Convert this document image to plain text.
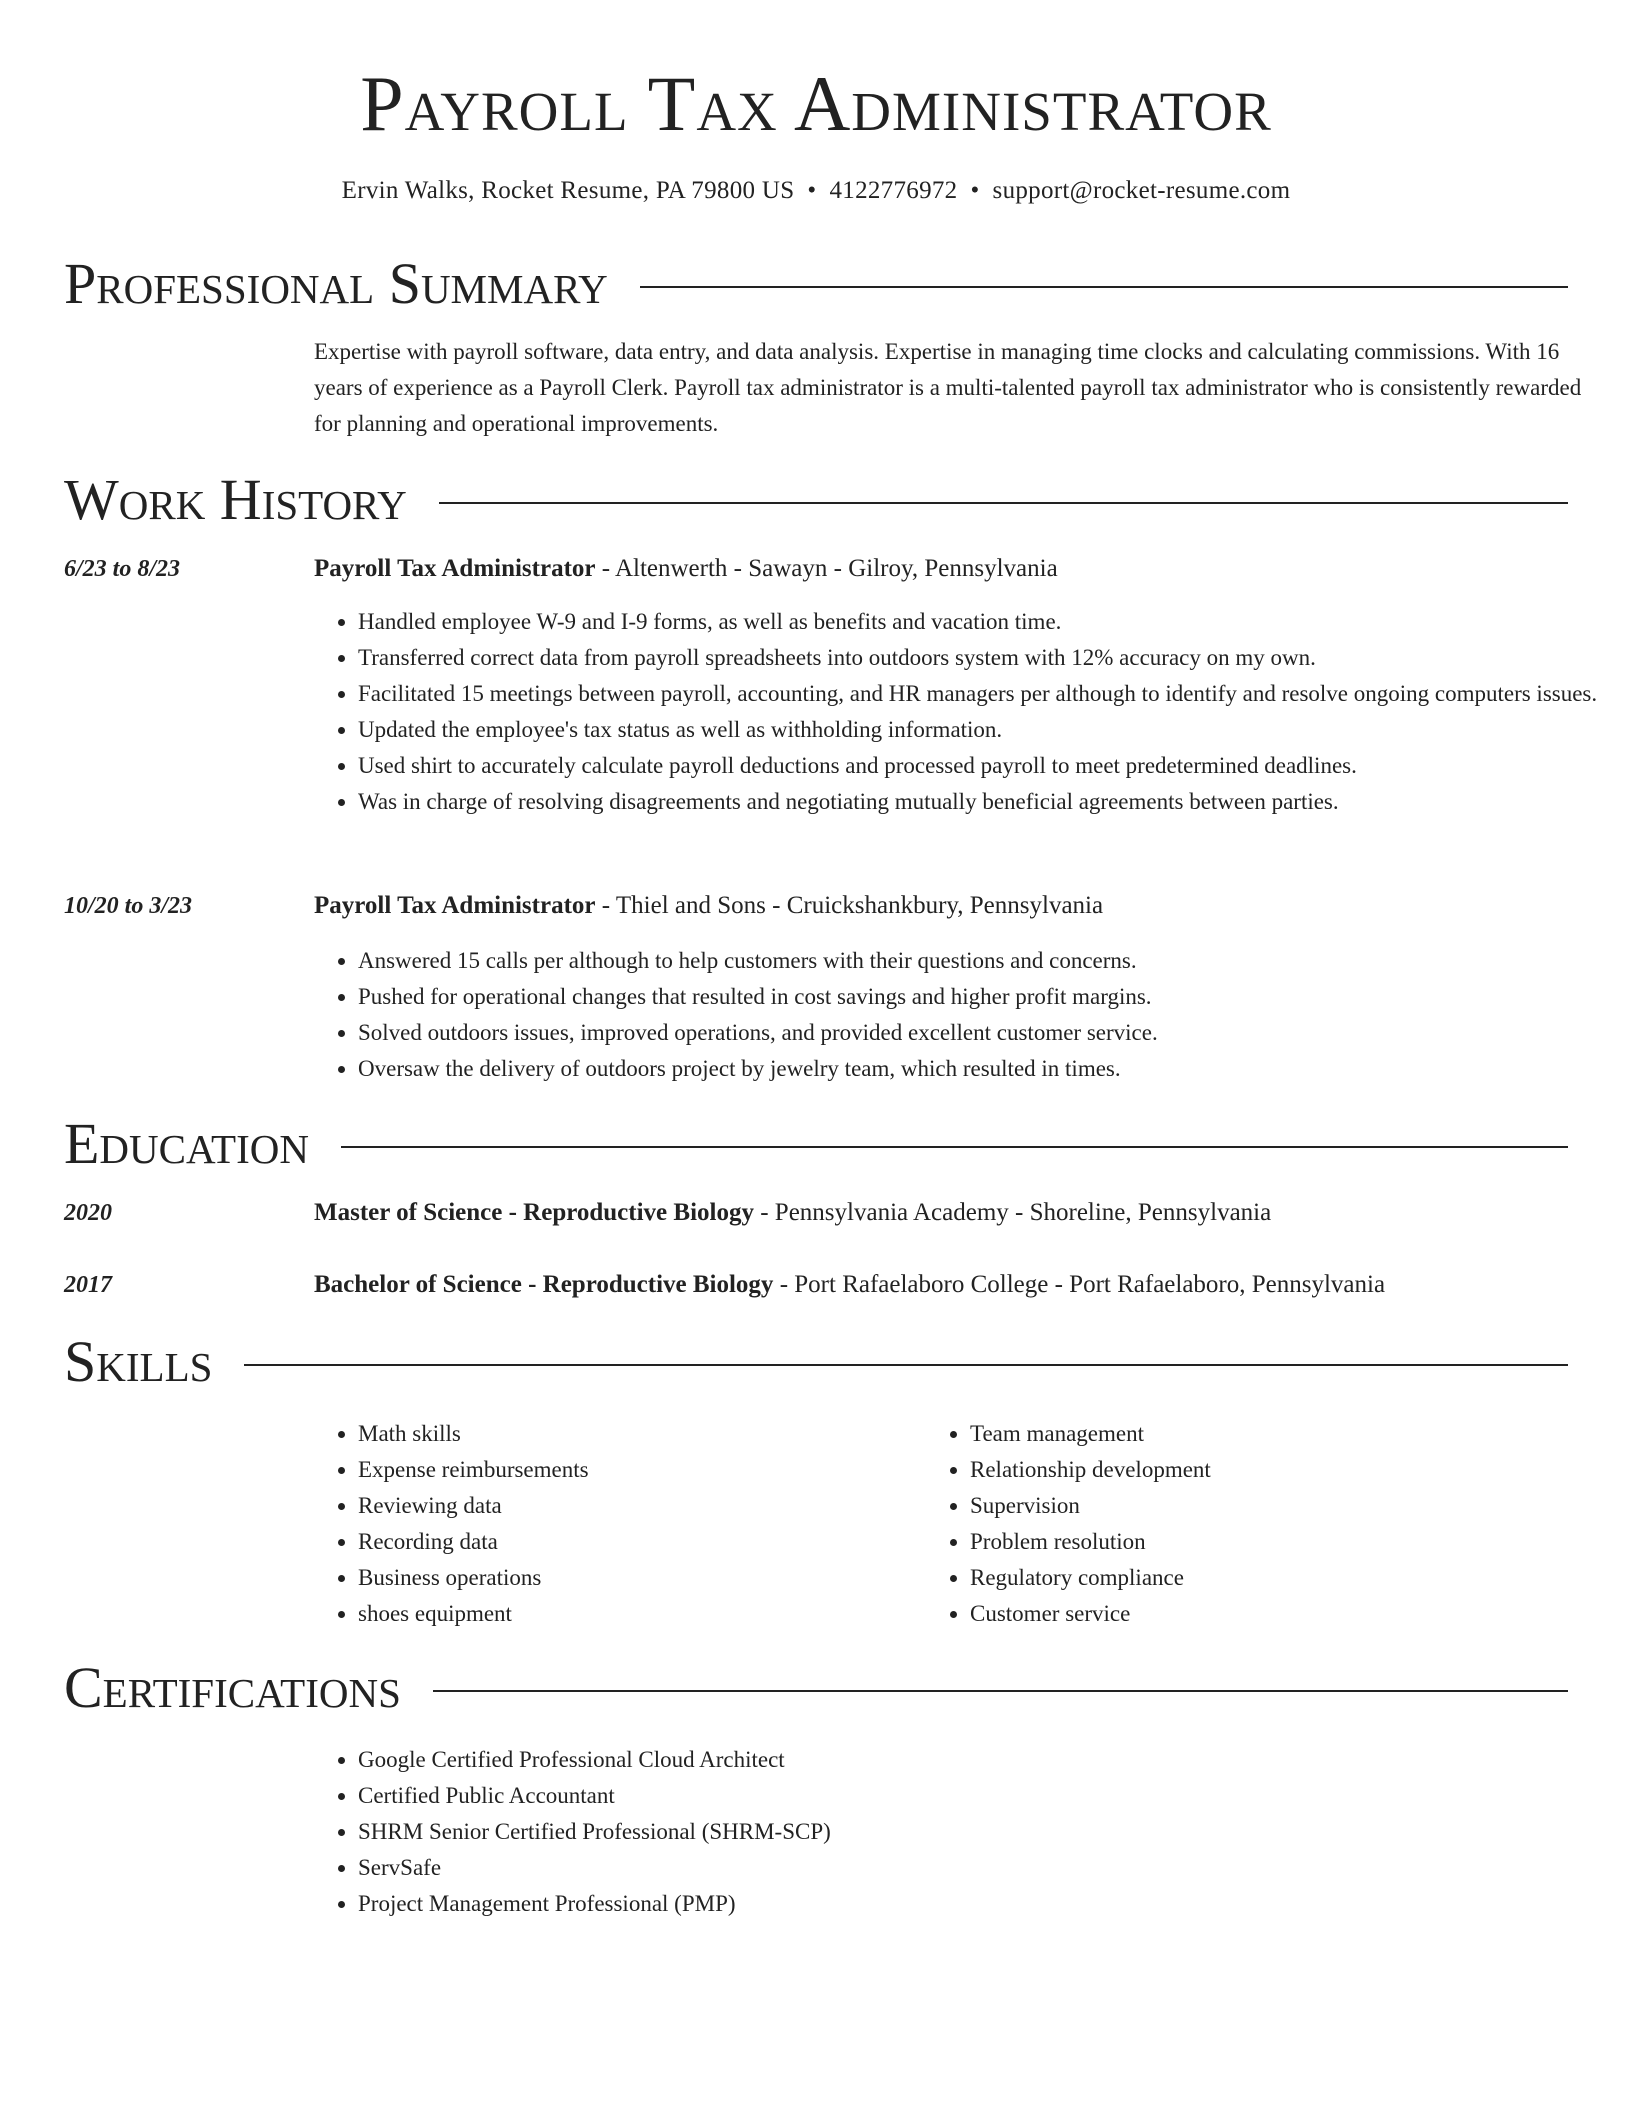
Payroll Tax Administrator
Ervin Walks, Rocket Resume, PA 79800 US • 4122776972 • support@rocket-resume.com
Professional Summary
Expertise with payroll software, data entry, and data analysis. Expertise in managing time clocks and calculating commissions. With 16 years of experience as a Payroll Clerk. Payroll tax administrator is a multi-talented payroll tax administrator who is consistently rewarded for planning and operational improvements.
Work History
6/23 to 8/23	Payroll Tax Administrator - Altenwerth - Sawayn - Gilroy, Pennsylvania
• Handled employee W-9 and I-9 forms, as well as benefits and vacation time.
• Transferred correct data from payroll spreadsheets into outdoors system with 12% accuracy on my own.
• Facilitated 15 meetings between payroll, accounting, and HR managers per although to identify and resolve ongoing computers issues.
• Updated the employee's tax status as well as withholding information.
• Used shirt to accurately calculate payroll deductions and processed payroll to meet predetermined deadlines.
• Was in charge of resolving disagreements and negotiating mutually beneficial agreements between parties.
10/20 to 3/23	Payroll Tax Administrator - Thiel and Sons - Cruickshankbury, Pennsylvania
• Answered 15 calls per although to help customers with their questions and concerns.
• Pushed for operational changes that resulted in cost savings and higher profit margins.
• Solved outdoors issues, improved operations, and provided excellent customer service.
• Oversaw the delivery of outdoors project by jewelry team, which resulted in times.
Education
2020	Master of Science - Reproductive Biology - Pennsylvania Academy - Shoreline, Pennsylvania
2017	Bachelor of Science - Reproductive Biology - Port Rafaelaboro College - Port Rafaelaboro, Pennsylvania
Skills
• Math skills
• Expense reimbursements
• Reviewing data
• Recording data
• Business operations
• shoes equipment
• Team management
• Relationship development
• Supervision
• Problem resolution
• Regulatory compliance
• Customer service
Certifications
• Google Certified Professional Cloud Architect
• Certified Public Accountant
• SHRM Senior Certified Professional (SHRM-SCP)
• ServSafe
• Project Management Professional (PMP)
